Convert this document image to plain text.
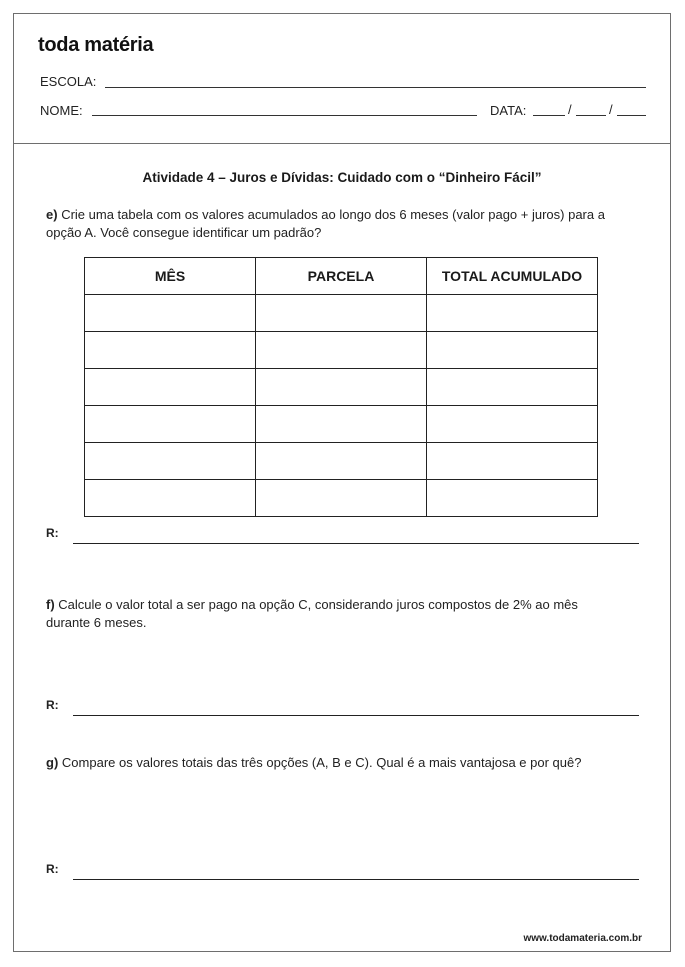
toda matéria
ESCOLA:
NOME:	DATA:	/	/
Atividade 4 – Juros e Dívidas: Cuidado com o “Dinheiro Fácil”
e) Crie uma tabela com os valores acumulados ao longo dos 6 meses (valor pago + juros) para a opção A. Você consegue identificar um padrão?
MÊS	PARCELA	TOTAL ACUMULADO

R:
f) Calcule o valor total a ser pago na opção C, considerando juros compostos de 2% ao mês durante 6 meses.
R:
g) Compare os valores totais das três opções (A, B e C). Qual é a mais vantajosa e por quê?
R:
www.todamateria.com.br
